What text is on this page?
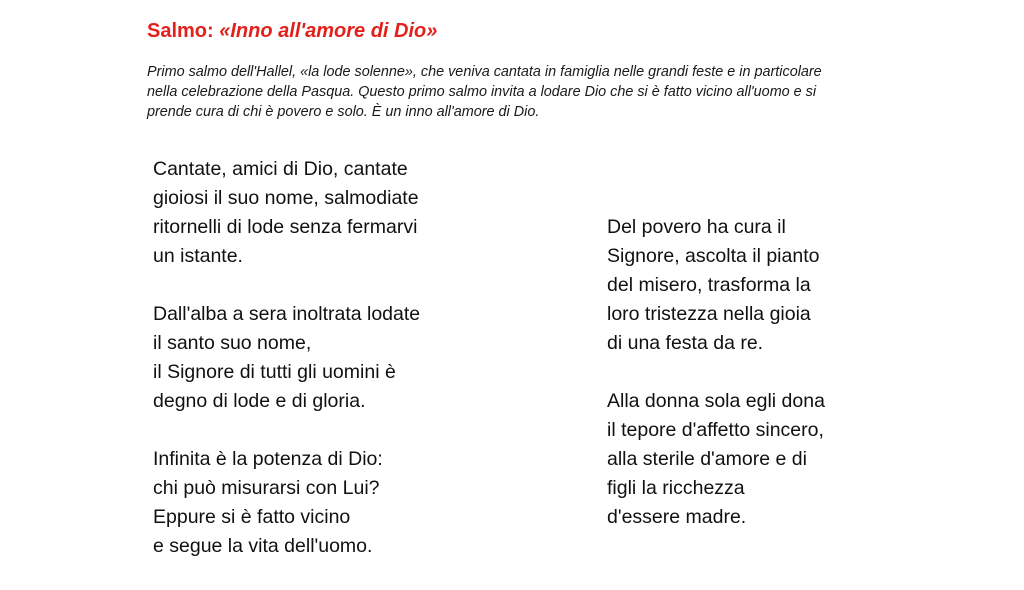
Salmo: «Inno all'amore di Dio»
Primo salmo dell'Hallel, «la lode solenne», che veniva cantata in famiglia nelle grandi feste e in particolare
nella celebrazione della Pasqua. Questo primo salmo invita a lodare Dio che si è fatto vicino all'uomo e si
prende cura di chi è povero e solo. È un inno all'amore di Dio.
Cantate, amici di Dio, cantate
gioiosi il suo nome, salmodiate
ritornelli di lode senza fermarvi
un istante.
Dall'alba a sera inoltrata lodate
il santo suo nome,
il Signore di tutti gli uomini è
degno di lode e di gloria.
Infinita è la potenza di Dio:
chi può misurarsi con Lui?
Eppure si è fatto vicino
e segue la vita dell'uomo.
Del povero ha cura il
Signore, ascolta il pianto
del misero, trasforma la
loro tristezza nella gioia
di una festa da re.
Alla donna sola egli dona
il tepore d'affetto sincero,
alla sterile d'amore e di
figli la ricchezza
d'essere madre.
